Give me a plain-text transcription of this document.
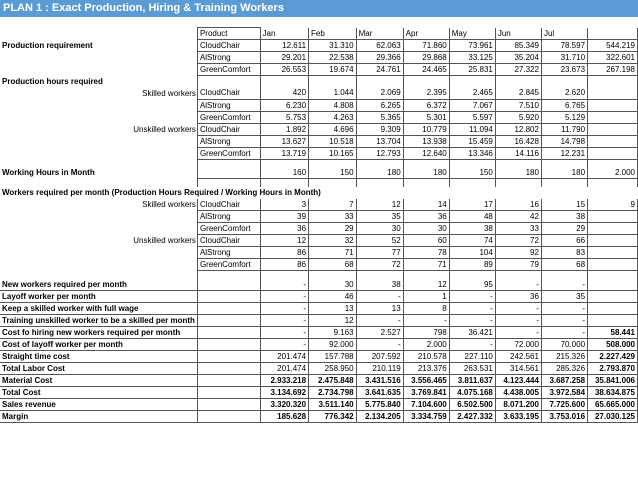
PLAN 1 : Exact Production, Hiring & Training Workers
	Product	Jan	Feb	Mar	Apr	May	Jun	Jul	
Production requirement	CloudChair	12.611	31.310	62.063	71.860	73.961	85.349	78.597	544.219
	AlStrong	29.201	22.538	29.366	29.868	33.125	35.204	31.710	322.601
	GreenComfort	26.553	19.674	24.761	24.465	25.831	27.322	23.673	267.198
Production hours required									
Skilled workers	CloudChair	420	1.044	2.069	2.395	2.465	2.845	2.620	
	AlStrong	6.230	4.808	6.265	6.372	7.067	7.510	6.765	
	GreenComfort	5.753	4.263	5.365	5.301	5.597	5.920	5.129	
Unskilled workers	CloudChair	1.892	4.696	9.309	10.779	11.094	12.802	11.790	
	AlStrong	13.627	10.518	13.704	13.938	15.459	16.428	14.798	
	GreenComfort	13.719	10.165	12.793	12.640	13.346	14.116	12.231	

Working Hours in Month		160	150	180	180	150	180	180	2.000

Workers required per month (Production Hours Required / Working Hours in Month)									
Skilled workers	CloudChair	3	7	12	14	17	16	15	9
	AlStrong	39	33	35	36	48	42	38	
	GreenComfort	36	29	30	30	38	33	29	
Unskilled workers	CloudChair	12	32	52	60	74	72	66	
	AlStrong	86	71	77	78	104	92	83	
	GreenComfort	86	68	72	71	89	79	68	

New workers required per month		-	30	38	12	95	-	-	
Layoff worker per month		-	46	-	1	-	36	35	
Keep a skilled worker with full wage		-	13	13	8	-	-	-	
Training unskilled worker to be a skilled per month		-	12	-	-	-	-	-	
Cost fo hiring new workers required per month		-	9.163	2.527	798	36.421	-	-	58.441
Cost of layoff worker per month		-	92.000	-	2.000	-	72.000	70.000	508.000
Straight time cost		201.474	157.788	207.592	210.578	227.110	242.561	215.326	2.227.429
Total Labor Cost		201.474	258.950	210.119	213.376	263.531	314.561	285.326	2.793.870
Material Cost		2.933.218	2.475.848	3.431.516	3.556.465	3.811.637	4.123.444	3.687.258	35.841.006
Total Cost		3.134.692	2.734.798	3.641.635	3.769.841	4.075.168	4.438.005	3.972.584	38.634.875
Sales revenue		3.320.320	3.511.140	5.775.840	7.104.600	6.502.500	8.071.200	7.725.600	65.665.000
Margin		185.628	776.342	2.134.205	3.334.759	2.427.332	3.633.195	3.753.016	27.030.125
